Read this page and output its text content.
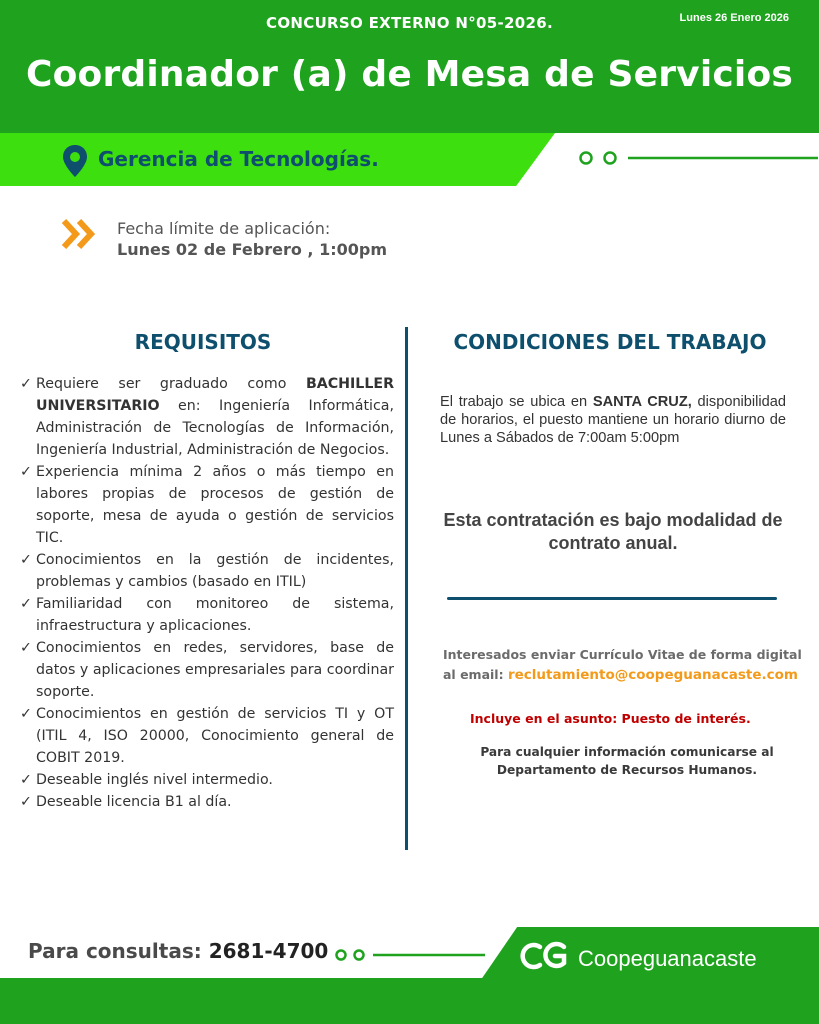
CONCURSO EXTERNO N°05-2026.	Lunes 26 Enero 2026
Coordinador (a) de Mesa de Servicios
Gerencia de Tecnologías.
Fecha límite de aplicación:
Lunes 02 de Febrero , 1:00pm
REQUISITOS
✓ Requiere ser graduado como BACHILLER UNIVERSITARIO en: Ingeniería Informática, Administración de Tecnologías de Información, Ingeniería Industrial, Administración de Negocios.
✓ Experiencia mínima 2 años o más tiempo en labores propias de procesos de gestión de soporte, mesa de ayuda o gestión de servicios TIC.
✓ Conocimientos en la gestión de incidentes, problemas y cambios (basado en ITIL)
✓ Familiaridad con monitoreo de sistema, infraestructura y aplicaciones.
✓ Conocimientos en redes, servidores, base de datos y aplicaciones empresariales para coordinar soporte.
✓ Conocimientos en gestión de servicios TI y OT (ITIL 4, ISO 20000, Conocimiento general de COBIT 2019.
✓ Deseable inglés nivel intermedio.
✓ Deseable licencia B1 al día.
CONDICIONES DEL TRABAJO
El trabajo se ubica en SANTA CRUZ, disponibilidad de horarios, el puesto mantiene un horario diurno de Lunes a Sábados de 7:00am 5:00pm
Esta contratación es bajo modalidad de contrato anual.
Interesados enviar Currículo Vitae de forma digital
al email: reclutamiento@coopeguanacaste.com
Incluye en el asunto: Puesto de interés.
Para cualquier información comunicarse al Departamento de Recursos Humanos.
Para consultas: 2681-4700	Coopeguanacaste
